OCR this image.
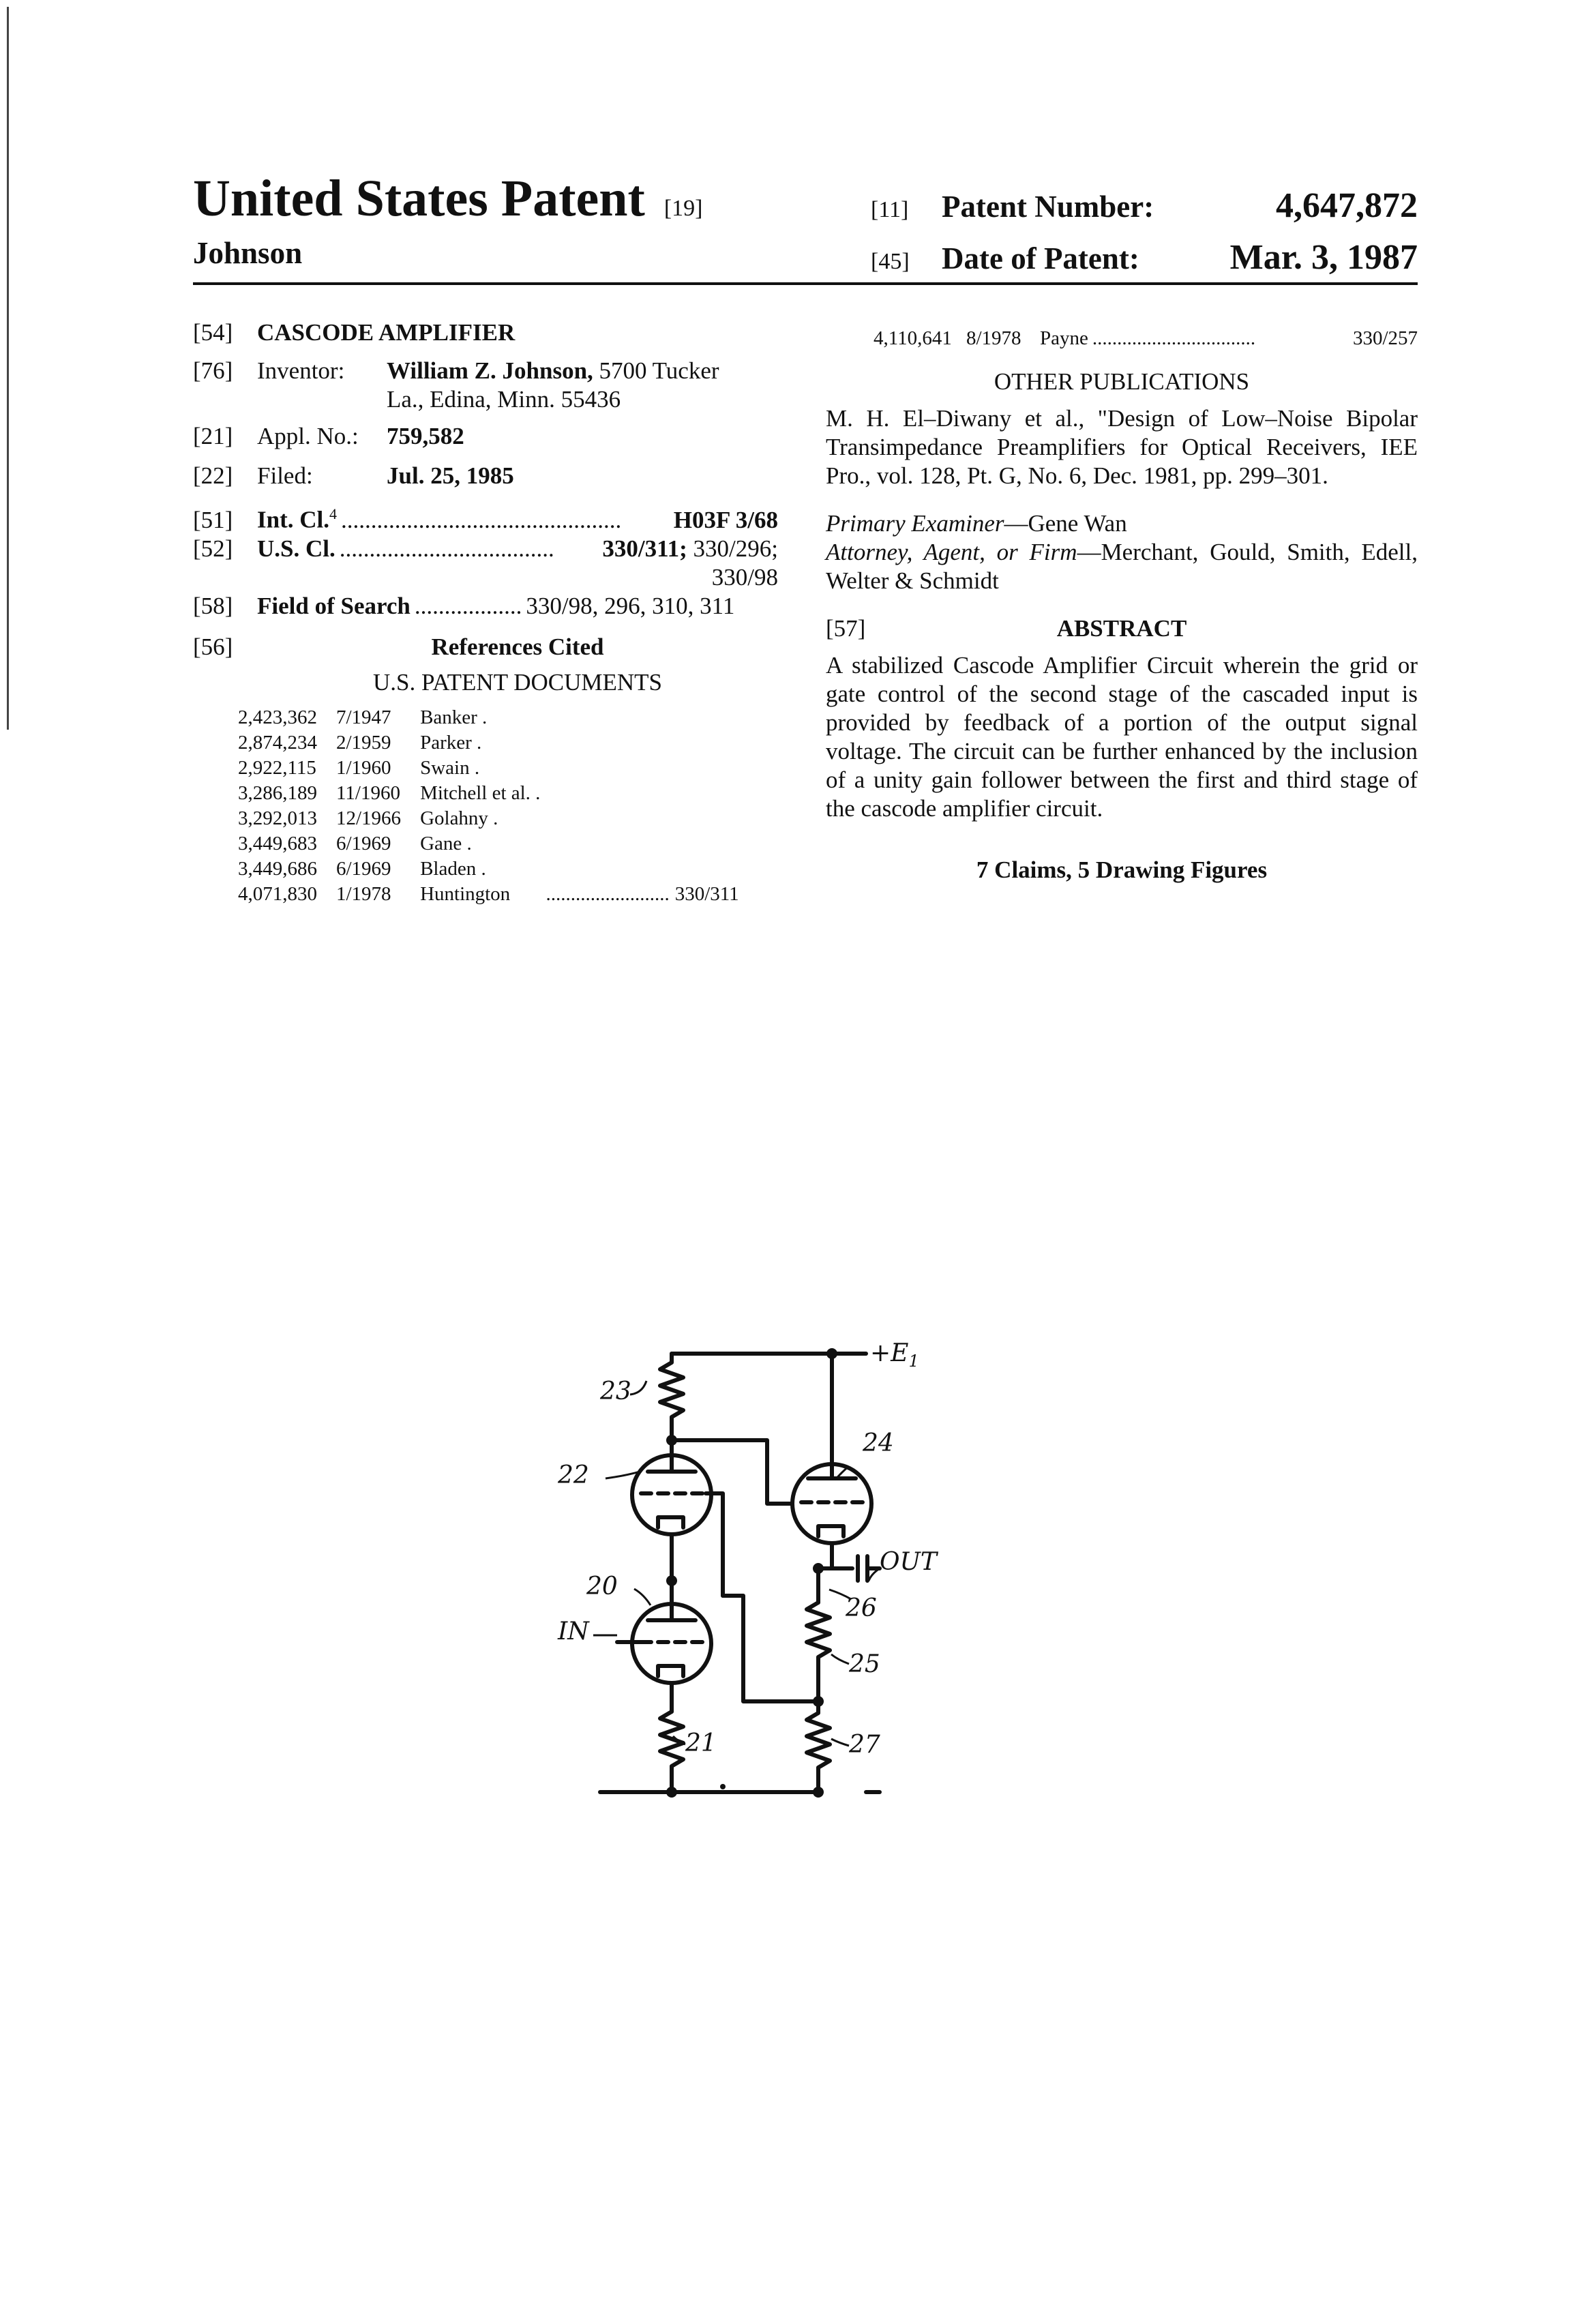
United States Patent [19]
Johnson
[11]	Patent Number:	4,647,872
[45]	Date of Patent:	Mar. 3, 1987
[54]	CASCODE AMPLIFIER
[76]	Inventor:	William Z. Johnson, 5700 Tucker
La., Edina, Minn. 55436
[21]	Appl. No.:	759,582
[22]	Filed:	Jul. 25, 1985
[51]	Int. Cl.$^4$ ...............................................	H03F 3/68
[52]	U.S. Cl. ....................................	330/311; 330/296;
330/98
[58]	Field of Search .................. 330/98, 296, 310, 311
[56]	References Cited
U.S. PATENT DOCUMENTS
2,423,362	7/1947	Banker .		
2,874,234	2/1959	Parker .		
2,922,115	1/1960	Swain .		
3,286,189	11/1960	Mitchell et al. .		
3,292,013	12/1966	Golahny .		
3,449,683	6/1969	Gane .		
3,449,686	6/1969	Bladen .		
4,071,830	1/1978	Huntington	.........................	330/311
4,110,641 8/1978 Payne .................................	330/257
OTHER PUBLICATIONS

M. H. El–Diwany et al., "Design of Low–Noise Bipolar Transimpedance Preamplifiers for Optical Receivers, IEE Pro., vol. 128, Pt. G, No. 6, Dec. 1981, pp. 299–301.

Primary Examiner—Gene Wan

Attorney, Agent, or Firm—Merchant, Gould, Smith, Edell, Welter & Schmidt

[57]	ABSTRACT

A stabilized Cascode Amplifier Circuit wherein the grid or gate control of the second stage of the cascaded input is provided by feedback of a portion of the output signal voltage. The circuit can be further enhanced by the inclusion of a unity gain follower between the first and third stage of the cascode amplifier circuit.

7 Claims, 5 Drawing Figures
$+E_1$
23
22
24
OUT
26
20
IN
25
21	27
–
